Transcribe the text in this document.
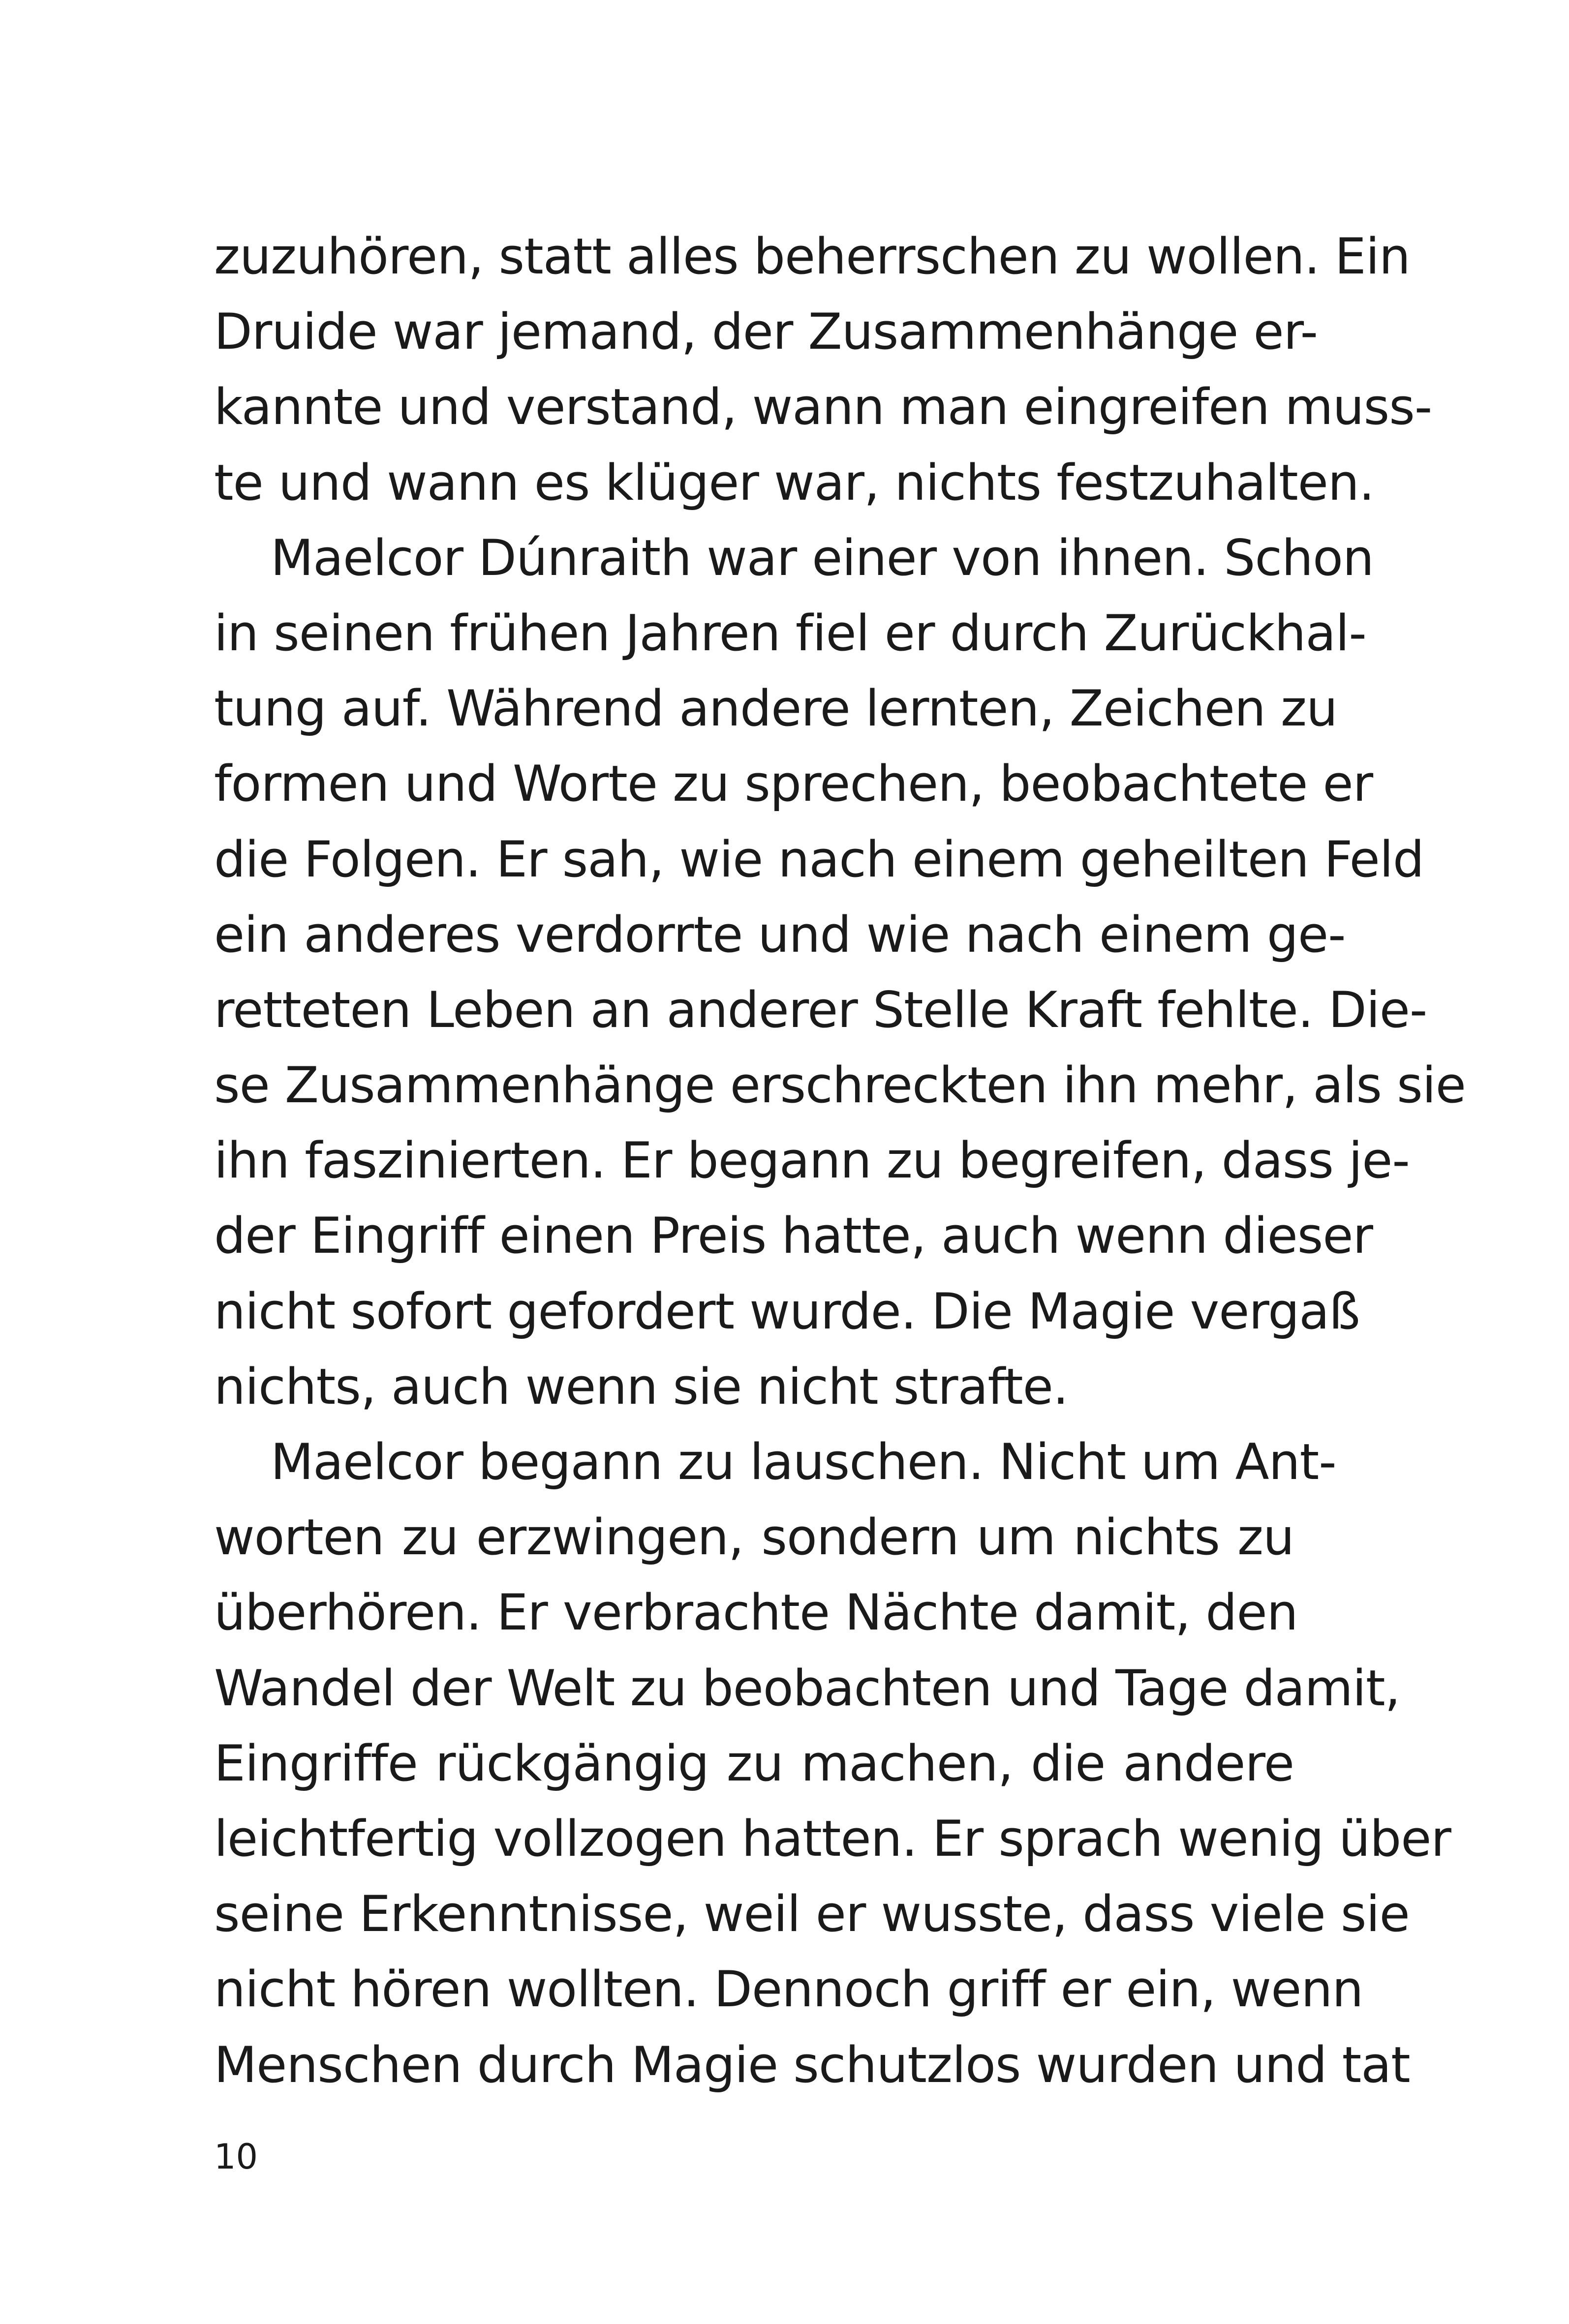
zuzuhören, statt alles beherrschen zu wollen. Ein
Druide war jemand, der Zusammenhänge er-
kannte und verstand, wann man eingreifen muss-
te und wann es klüger war, nichts festzuhalten.
Maelcor Dúnraith war einer von ihnen. Schon
in seinen frühen Jahren fiel er durch Zurückhal-
tung auf. Während andere lernten, Zeichen zu
formen und Worte zu sprechen, beobachtete er
die Folgen. Er sah, wie nach einem geheilten Feld
ein anderes verdorrte und wie nach einem ge-
retteten Leben an anderer Stelle Kraft fehlte. Die-
se Zusammenhänge erschreckten ihn mehr, als sie
ihn faszinierten. Er begann zu begreifen, dass je-
der Eingriff einen Preis hatte, auch wenn dieser
nicht sofort gefordert wurde. Die Magie vergaß
nichts, auch wenn sie nicht strafte.
Maelcor begann zu lauschen. Nicht um Ant-
worten zu erzwingen, sondern um nichts zu
überhören. Er verbrachte Nächte damit, den
Wandel der Welt zu beobachten und Tage damit,
Eingriffe rückgängig zu machen, die andere
leichtfertig vollzogen hatten. Er sprach wenig über
seine Erkenntnisse, weil er wusste, dass viele sie
nicht hören wollten. Dennoch griff er ein, wenn
Menschen durch Magie schutzlos wurden und tat
10
